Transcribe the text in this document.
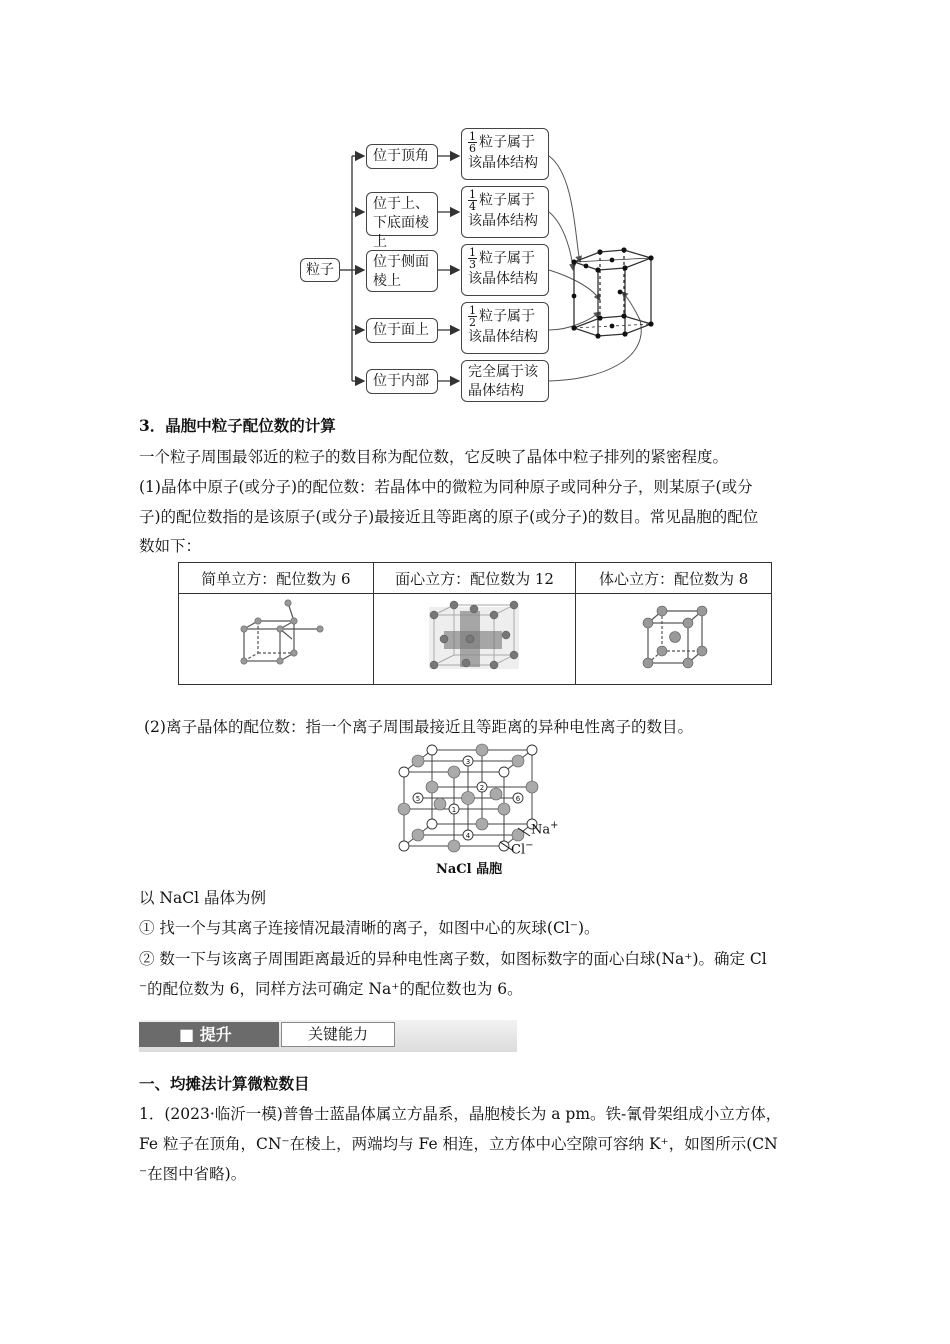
粒子
位于顶角
位于上、下底面棱上
位于侧面棱上
位于面上
位于内部
$\frac{1}{6}$ 粒子属于
该晶体结构
$\frac{1}{4}$ 粒子属于
该晶体结构
$\frac{1}{3}$ 粒子属于
该晶体结构
$\frac{1}{2}$ 粒子属于
该晶体结构
完全属于该
晶体结构
3．晶胞中粒子配位数的计算
一个粒子周围最邻近的粒子的数目称为配位数，它反映了晶体中粒子排列的紧密程度。
(1)晶体中原子(或分子)的配位数：若晶体中的微粒为同种原子或同种分子，则某原子(或分
子)的配位数指的是该原子(或分子)最接近且等距离的原子(或分子)的数目。常见晶胞的配位
数如下：
简单立方：配位数为 6	面心立方：配位数为 12	体心立方：配位数为 8

(2)离子晶体的配位数：指一个离子周围最接近且等距离的异种电性离子的数目。
1
2
3
4
5	6
Na+
Cl−
NaCl 晶胞
以 NaCl 晶体为例
① 找一个与其离子连接情况最清晰的离子，如图中心的灰球(Cl⁻)。
② 数一下与该离子周围距离最近的异种电性离子数，如图标数字的面心白球(Na⁺)。确定 Cl
⁻的配位数为 6，同样方法可确定 Na⁺的配位数也为 6。
■ 提升	关键能力
一、均摊法计算微粒数目
1．(2023·临沂一模)普鲁士蓝晶体属立方晶系，晶胞棱长为 a pm。铁-氰骨架组成小立方体，
Fe 粒子在顶角，CN⁻在棱上，两端均与 Fe 相连，立方体中心空隙可容纳 K⁺，如图所示(CN
⁻在图中省略)。
